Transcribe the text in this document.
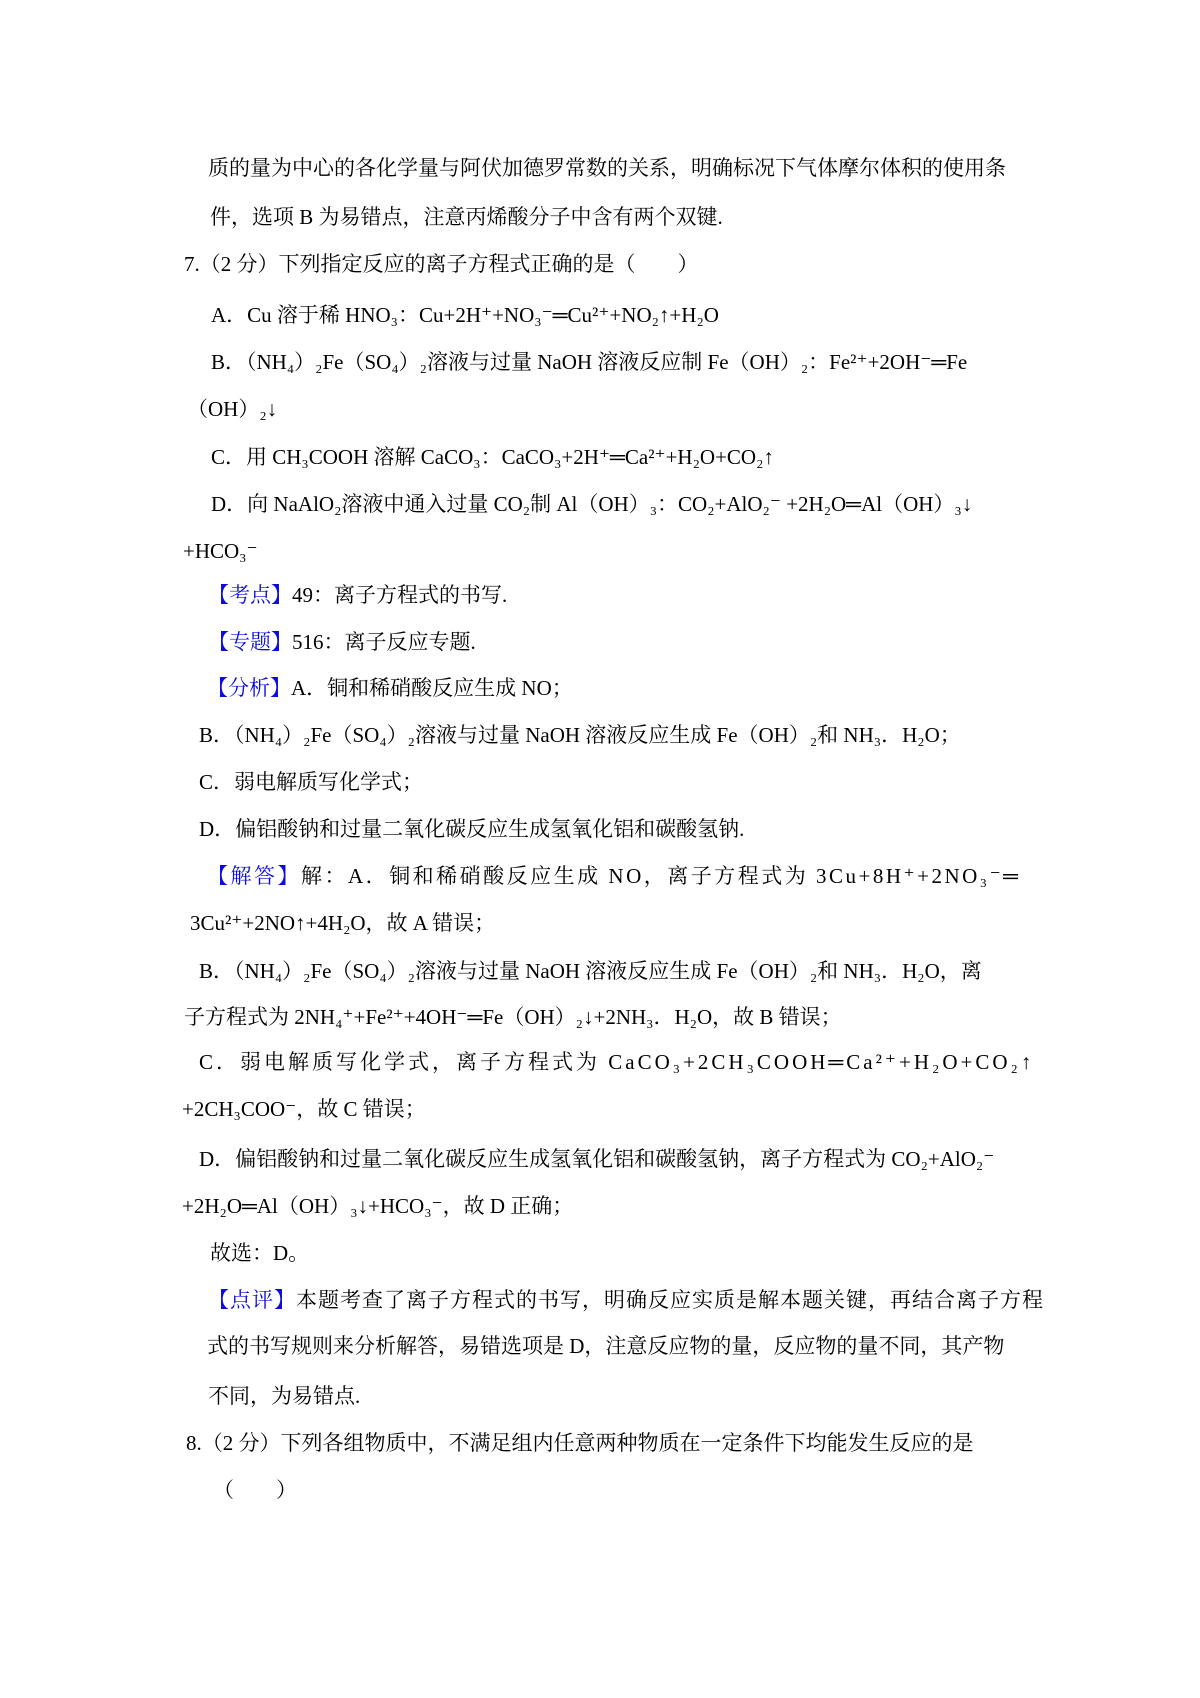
质的量为中心的各化学量与阿伏加德罗常数的关系，明确标况下气体摩尔体积的使用条
件，选项 B 为易错点，注意丙烯酸分子中含有两个双键.
7.（2 分）下列指定反应的离子方程式正确的是（　　）
A．Cu 溶于稀 HNO₃：Cu+2H⁺+NO₃⁻═Cu²⁺+NO₂↑+H₂O
B．（NH₄）₂Fe（SO₄）₂溶液与过量 NaOH 溶液反应制 Fe（OH）₂：Fe²⁺+2OH⁻═Fe
（OH）₂↓
C．用 CH₃COOH 溶解 CaCO₃：CaCO₃+2H⁺═Ca²⁺+H₂O+CO₂↑
D．向 NaAlO₂溶液中通入过量 CO₂制 Al（OH）₃：CO₂+AlO₂⁻ +2H₂O═Al（OH）₃↓
+HCO₃⁻
【考点】49：离子方程式的书写.
【专题】516：离子反应专题.
【分析】A．铜和稀硝酸反应生成 NO；
B．（NH₄）₂Fe（SO₄）₂溶液与过量 NaOH 溶液反应生成 Fe（OH）₂和 NH₃．H₂O；
C．弱电解质写化学式；
D．偏铝酸钠和过量二氧化碳反应生成氢氧化铝和碳酸氢钠.
【解答】解：A．铜和稀硝酸反应生成 NO，离子方程式为 3Cu+8H⁺+2NO₃⁻═
3Cu²⁺+2NO↑+4H₂O，故 A 错误；
B．（NH₄）₂Fe（SO₄）₂溶液与过量 NaOH 溶液反应生成 Fe（OH）₂和 NH₃．H₂O，离
子方程式为 2NH₄⁺+Fe²⁺+4OH⁻═Fe（OH）₂↓+2NH₃．H₂O，故 B 错误；
C．弱电解质写化学式，离子方程式为 CaCO₃+2CH₃COOH═Ca²⁺+H₂O+CO₂↑
+2CH₃COO⁻，故 C 错误；
D．偏铝酸钠和过量二氧化碳反应生成氢氧化铝和碳酸氢钠，离子方程式为 CO₂+AlO₂⁻
+2H₂O═Al（OH）₃↓+HCO₃⁻，故 D 正确；
故选：D。
【点评】本题考查了离子方程式的书写，明确反应实质是解本题关键，再结合离子方程
式的书写规则来分析解答，易错选项是 D，注意反应物的量，反应物的量不同，其产物
不同，为易错点.
8.（2 分）下列各组物质中，不满足组内任意两种物质在一定条件下均能发生反应的是
（　　）
